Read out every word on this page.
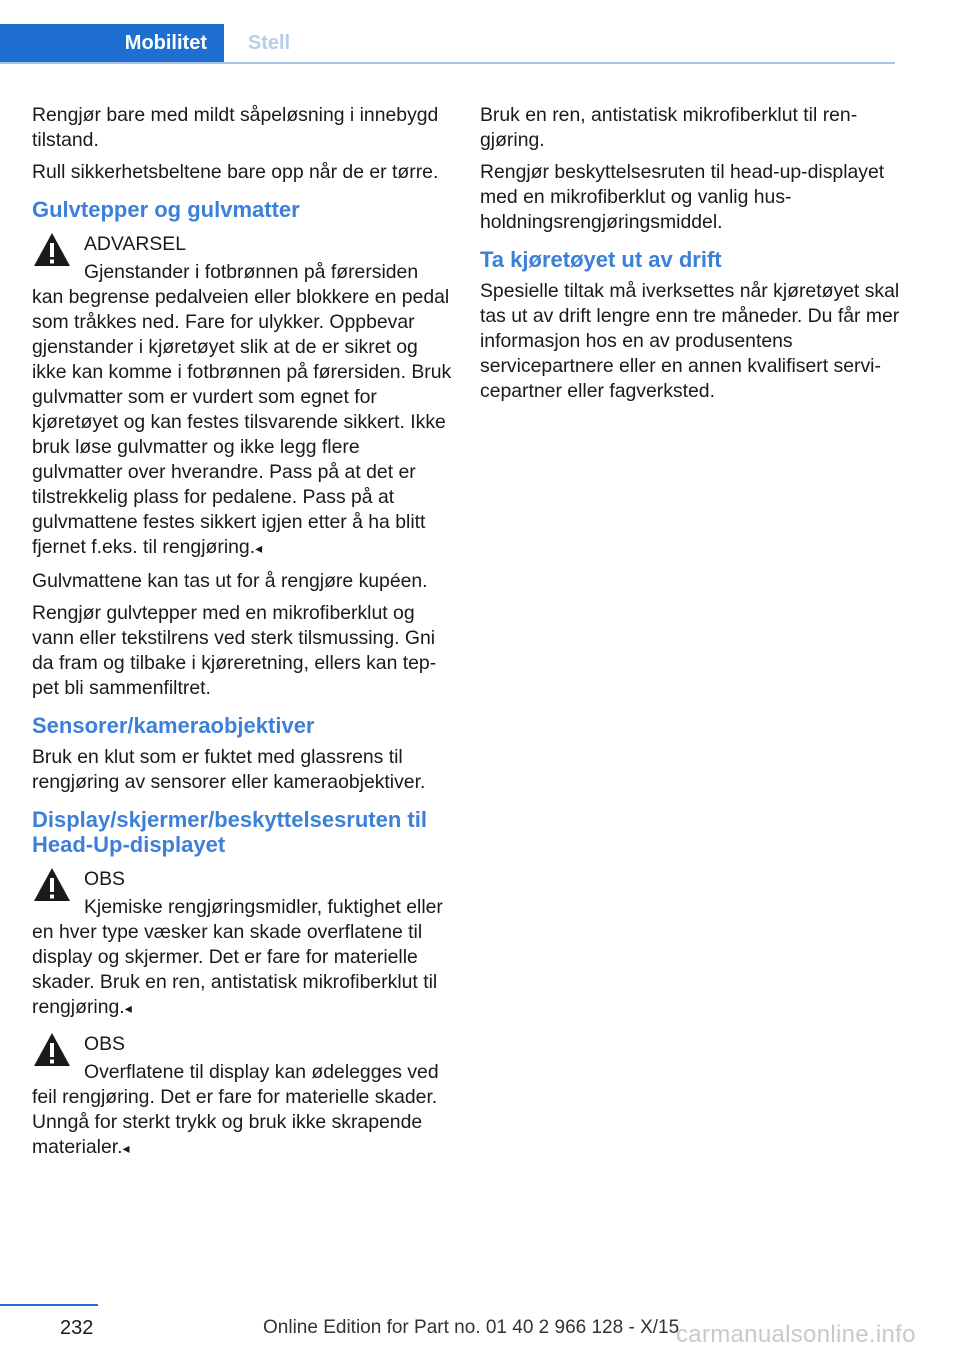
Mobilitet	Stell

Rengjør bare med mildt såpeløsning i innebygd tilstand.

Rull sikkerhetsbeltene bare opp når de er tørre.

Gulvtepper og gulvmatter
ADVARSEL
Gjenstander i fotbrønnen på førersiden kan begrense pedalveien eller blokkere en pedal som tråkkes ned. Fare for ulykker. Oppbevar gjenstander i kjøretøyet slik at de er sikret og ikke kan komme i fotbrønnen på førersiden. Bruk gulvmatter som er vurdert som egnet for kjøretøyet og kan festes tilsvarende sikkert. Ikke bruk løse gulvmatter og ikke legg flere gulvmatter over hverandre. Pass på at det er tilstrekkelig plass for pedalene. Pass på at gulvmattene festes sikkert igjen etter å ha blitt fjernet f.eks. til rengjøring.◂

Gulvmattene kan tas ut for å rengjøre kupéen.

Rengjør gulvtepper med en mikrofiberklut og vann eller tekstilrens ved sterk tilsmussing. Gni da fram og tilbake i kjøreretning, ellers kan teppet bli sammenfiltret.

Sensorer/kameraobjektiver

Bruk en klut som er fuktet med glassrens til rengjøring av sensorer eller kameraobjektiver.

Display/skjermer/beskyttelsesruten til Head-Up-displayet
OBS
Kjemiske rengjøringsmidler, fuktighet eller en hver type væsker kan skade overflatene til display og skjermer. Det er fare for materielle skader. Bruk en ren, antistatisk mikrofiberklut til rengjøring.◂
OBS
Overflatene til display kan ødelegges ved feil rengjøring. Det er fare for materielle skader. Unngå for sterkt trykk og bruk ikke skrapende materialer.◂

Bruk en ren, antistatisk mikrofiberklut til rengjøring.

Rengjør beskyttelsesruten til head-up-displayet med en mikrofiberklut og vanlig husholdningsrengjøringsmiddel.

Ta kjøretøyet ut av drift

Spesielle tiltak må iverksettes når kjøretøyet skal tas ut av drift lengre enn tre måneder. Du får mer informasjon hos en av produsentens servicepartnere eller en annen kvalifisert servicepartner eller fagverksted.

232	Online Edition for Part no. 01 40 2 966 128 - X/15
carmanualsonline.info
